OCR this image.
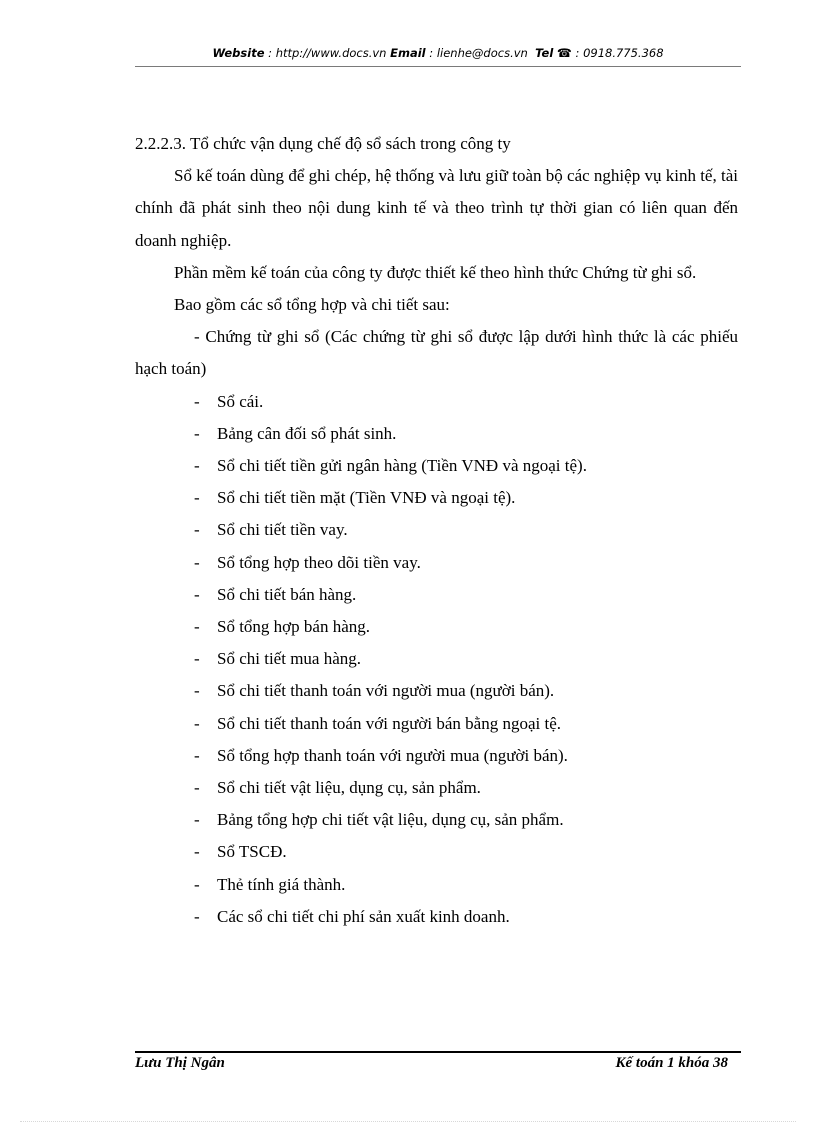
Website : http://www.docs.vn Email : lienhe@docs.vn Tel ☎ : 0918.775.368

2.2.2.3. Tổ chức vận dụng chế độ sổ sách trong công ty

Sổ kế toán dùng để ghi chép, hệ thống và lưu giữ toàn bộ các nghiệp vụ kinh tế, tài chính đã phát sinh theo nội dung kinh tế và theo trình tự thời gian có liên quan đến doanh nghiệp.

Phần mềm kế toán của công ty được thiết kế theo hình thức Chứng từ ghi sổ.

Bao gồm các sổ tổng hợp và chi tiết sau:

- Chứng từ ghi sổ (Các chứng từ ghi sổ được lập dưới hình thức là các phiếu hạch toán)

- Sổ cái.
- Bảng cân đối sổ phát sinh.
- Sổ chi tiết tiền gửi ngân hàng (Tiền VNĐ và ngoại tệ).
- Sổ chi tiết tiền mặt (Tiền VNĐ và ngoại tệ).
- Sổ chi tiết tiền vay.
- Sổ tổng hợp theo dõi tiền vay.
- Sổ chi tiết bán hàng.
- Sổ tổng hợp bán hàng.
- Sổ chi tiết mua hàng.
- Sổ chi tiết thanh toán với người mua (người bán).
- Sổ chi tiết thanh toán với người bán bằng ngoại tệ.
- Sổ tổng hợp thanh toán với người mua (người bán).
- Sổ chi tiết vật liệu, dụng cụ, sản phẩm.
- Bảng tổng hợp chi tiết vật liệu, dụng cụ, sản phẩm.
- Sổ TSCĐ.
- Thẻ tính giá thành.
- Các sổ chi tiết chi phí sản xuất kinh doanh.
Lưu Thị Ngân	Kế toán 1 khóa 38
